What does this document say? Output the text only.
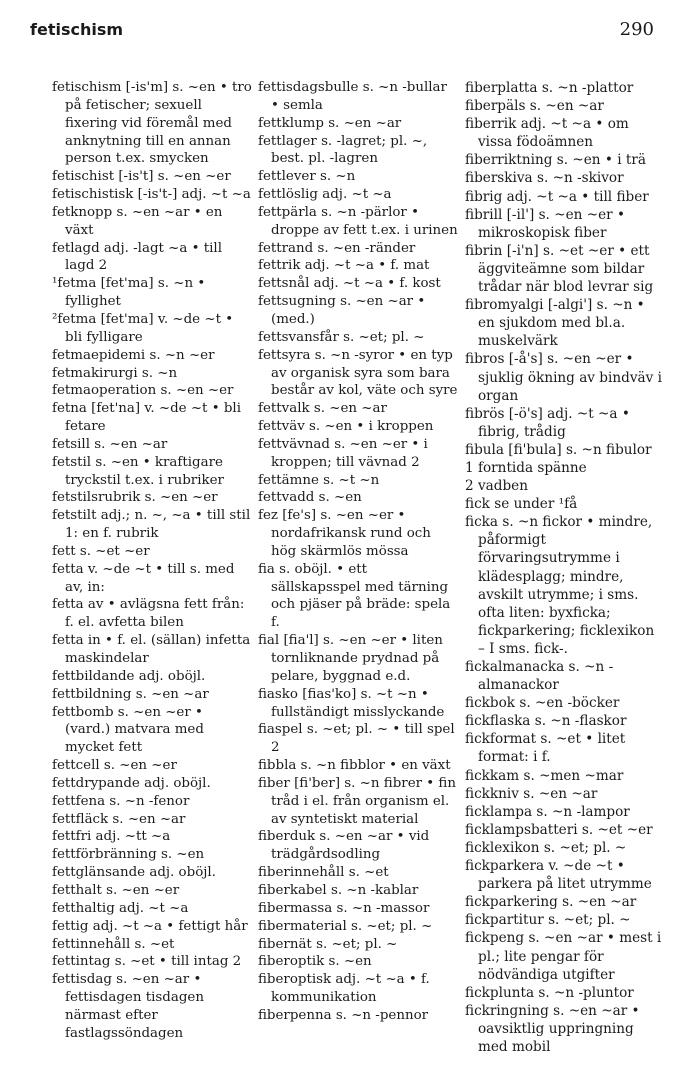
fetischism	290

fetischism [-is'm] s. ~en • tro på fetischer; sexuell fixering vid föremål med anknytning till en annan person t.ex. smycken

fetischist [-is't] s. ~en ~er

fetischistisk [-is't-] adj. ~t ~a

fetknopp s. ~en ~ar • en växt

fetlagd adj. -lagt ~a • till lagd 2

¹fetma [fet'ma] s. ~n • fyllighet

²fetma [fet'ma] v. ~de ~t • bli fylligare

fetmaepidemi s. ~n ~er

fetmakirurgi s. ~n

fetmaoperation s. ~en ~er

fetna [fet'na] v. ~de ~t • bli fetare

fetsill s. ~en ~ar

fetstil s. ~en • kraftigare tryckstil t.ex. i rubriker

fetstilsrubrik s. ~en ~er

fetstilt adj.; n. ~, ~a • till stil 1: en f. rubrik

fett s. ~et ~er

fetta v. ~de ~t • till s. med av, in:

fetta av • avlägsna fett från: f. el. avfetta bilen

fetta in • f. el. (sällan) infetta maskindelar

fettbildande adj. oböjl.

fettbildning s. ~en ~ar

fettbomb s. ~en ~er • (vard.) matvara med mycket fett

fettcell s. ~en ~er

fettdrypande adj. oböjl.

fettfena s. ~n -fenor

fettfläck s. ~en ~ar

fettfri adj. ~tt ~a

fettförbränning s. ~en

fettglänsande adj. oböjl.

fetthalt s. ~en ~er

fetthaltig adj. ~t ~a

fettig adj. ~t ~a • fettigt hår

fettinnehåll s. ~et

fettintag s. ~et • till intag 2

fettisdag s. ~en ~ar • fettisdagen tisdagen närmast efter fastlagssöndagen

fettisdagsbulle s. ~n -bullar • semla

fettklump s. ~en ~ar

fettlager s. -lagret; pl. ~, best. pl. -lagren

fettlever s. ~n

fettlöslig adj. ~t ~a

fettpärla s. ~n -pärlor • droppe av fett t.ex. i urinen

fettrand s. ~en -ränder

fettrik adj. ~t ~a • f. mat

fettsnål adj. ~t ~a • f. kost

fettsugning s. ~en ~ar • (med.)

fettsvansfår s. ~et; pl. ~

fettsyra s. ~n -syror • en typ av organisk syra som bara består av kol, väte och syre

fettvalk s. ~en ~ar

fettväv s. ~en • i kroppen

fettvävnad s. ~en ~er • i kroppen; till vävnad 2

fettämne s. ~t ~n

fettvadd s. ~en

fez [fe's] s. ~en ~er • nordafrikansk rund och hög skärmlös mössa

fia s. oböjl. • ett sällskapsspel med tärning och pjäser på bräde: spela f.

fial [fia'l] s. ~en ~er • liten tornliknande prydnad på pelare, byggnad e.d.

fiasko [fias'ko] s. ~t ~n • fullständigt misslyckande

fiaspel s. ~et; pl. ~ • till spel 2

fibbla s. ~n fibblor • en växt

fiber [fi'ber] s. ~n fibrer • fin tråd i el. från organism el. av syntetiskt material

fiberduk s. ~en ~ar • vid trädgårdsodling

fiberinnehåll s. ~et

fiberkabel s. ~n -kablar

fibermassa s. ~n -massor

fibermaterial s. ~et; pl. ~

fibernät s. ~et; pl. ~

fiberoptik s. ~en

fiberoptisk adj. ~t ~a • f. kommunikation

fiberpenna s. ~n -pennor

fiberplatta s. ~n -plattor

fiberpäls s. ~en ~ar

fiberrik adj. ~t ~a • om vissa födoämnen

fiberriktning s. ~en • i trä

fiberskiva s. ~n -skivor

fibrig adj. ~t ~a • till fiber

fibrill [-il'] s. ~en ~er • mikroskopisk fiber

fibrin [-i'n] s. ~et ~er • ett äggviteämne som bildar trådar när blod levrar sig

fibromyalgi [-algi'] s. ~n • en sjukdom med bl.a. muskelvärk

fibros [-å's] s. ~en ~er • sjuklig ökning av bindväv i organ

fibrös [-ö's] adj. ~t ~a • fibrig, trådig

fibula [fi'bula] s. ~n fibulor

1 forntida spänne

2 vadben

fick se under ¹få

ficka s. ~n fickor • mindre, påformigt förvaringsutrymme i klädesplagg; mindre, avskilt utrymme; i sms. ofta liten: byxficka; fickparkering; ficklexikon – I sms. fick-.

fickalmanacka s. ~n -almanackor

fickbok s. ~en -böcker

fickflaska s. ~n -flaskor

fickformat s. ~et • litet format: i f.

fickkam s. ~men ~mar

fickkniv s. ~en ~ar

ficklampa s. ~n -lampor

ficklampsbatteri s. ~et ~er

ficklexikon s. ~et; pl. ~

fickparkera v. ~de ~t • parkera på litet utrymme

fickparkering s. ~en ~ar

fickpartitur s. ~et; pl. ~

fickpeng s. ~en ~ar • mest i pl.; lite pengar för nödvändiga utgifter

fickplunta s. ~n -pluntor

fickringning s. ~en ~ar • oavsiktlig uppringning med mobil
